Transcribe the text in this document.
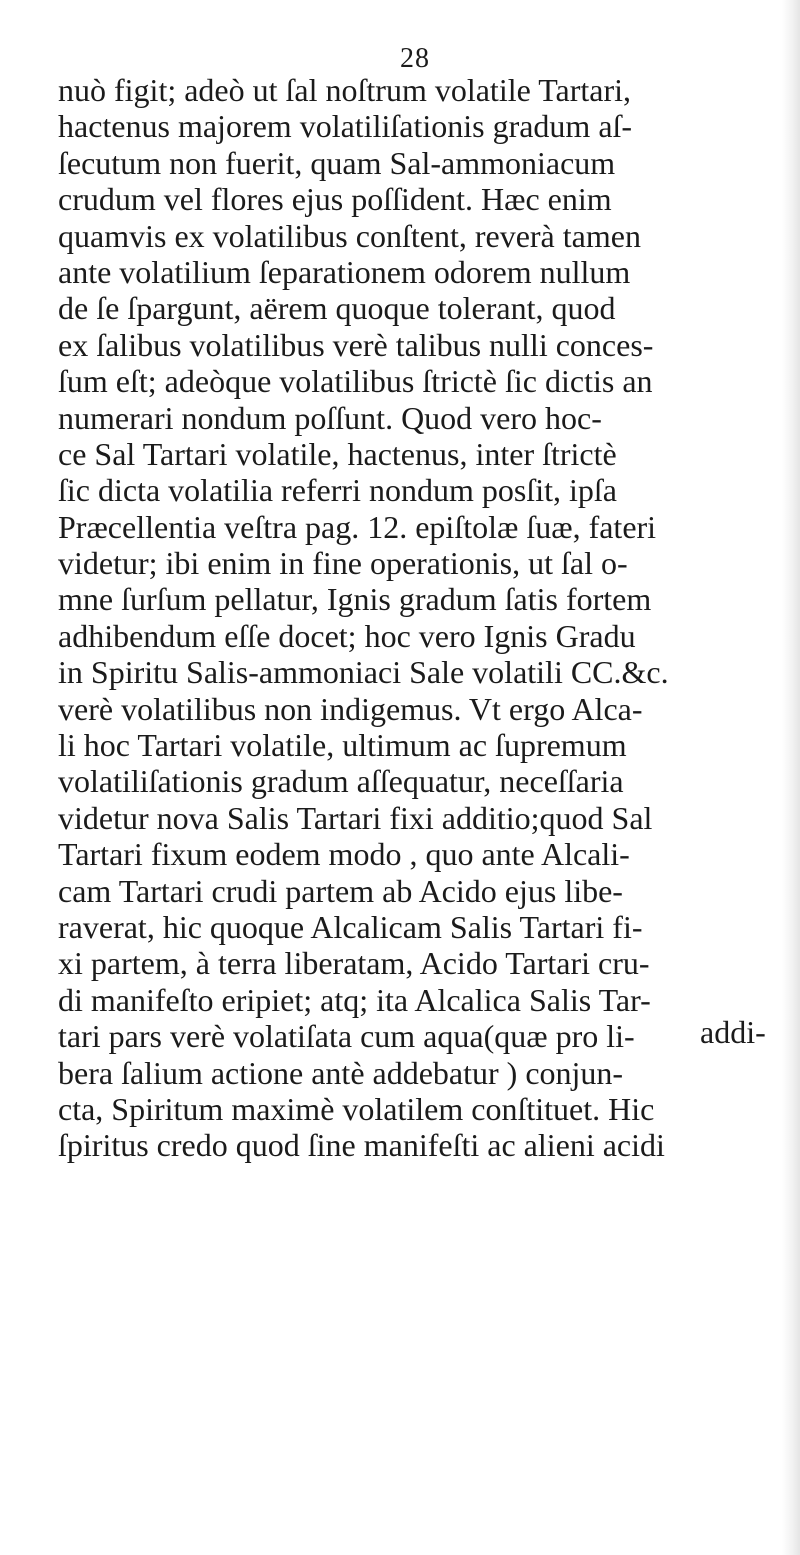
28
nuò figit; adeò ut ſal noſtrum volatile Tartari,
hactenus majorem volatiliſationis gradum aſ-
ſecutum non fuerit, quam Sal-ammoniacum
crudum vel flores ejus poſſident. Hæc enim
quamvis ex volatilibus conſtent, reverà tamen
ante volatilium ſeparationem odorem nullum
de ſe ſpargunt, aërem quoque tolerant, quod
ex ſalibus volatilibus verè talibus nulli conces-
ſum eſt; adeòque volatilibus ſtrictè ſic dictis an
numerari nondum poſſunt. Quod vero hoc-
ce Sal Tartari volatile, hactenus, inter ſtrictè
ſic dicta volatilia referri nondum posſit, ipſa
Præcellentia veſtra pag. 12. epiſtolæ ſuæ, fateri
videtur; ibi enim in fine operationis, ut ſal o-
mne ſurſum pellatur, Ignis gradum ſatis fortem
adhibendum eſſe docet; hoc vero Ignis Gradu
in Spiritu Salis-ammoniaci Sale volatili CC.&c.
verè volatilibus non indigemus. Vt ergo Alca-
li hoc Tartari volatile, ultimum ac ſupremum
volatiliſationis gradum aſſequatur, neceſſaria
videtur nova Salis Tartari fixi additio;quod Sal
Tartari fixum eodem modo , quo ante Alcali-
cam Tartari crudi partem ab Acido ejus libe-
raverat, hic quoque Alcalicam Salis Tartari fi-
xi partem, à terra liberatam, Acido Tartari cru-
di manifeſto eripiet; atq; ita Alcalica Salis Tar-
tari pars verè volatiſata cum aqua(quæ pro li-
bera ſalium actione antè addebatur ) conjun-
cta, Spiritum maximè volatilem conſtituet. Hic
ſpiritus credo quod ſine manifeſti ac alieni acidi
addi-
